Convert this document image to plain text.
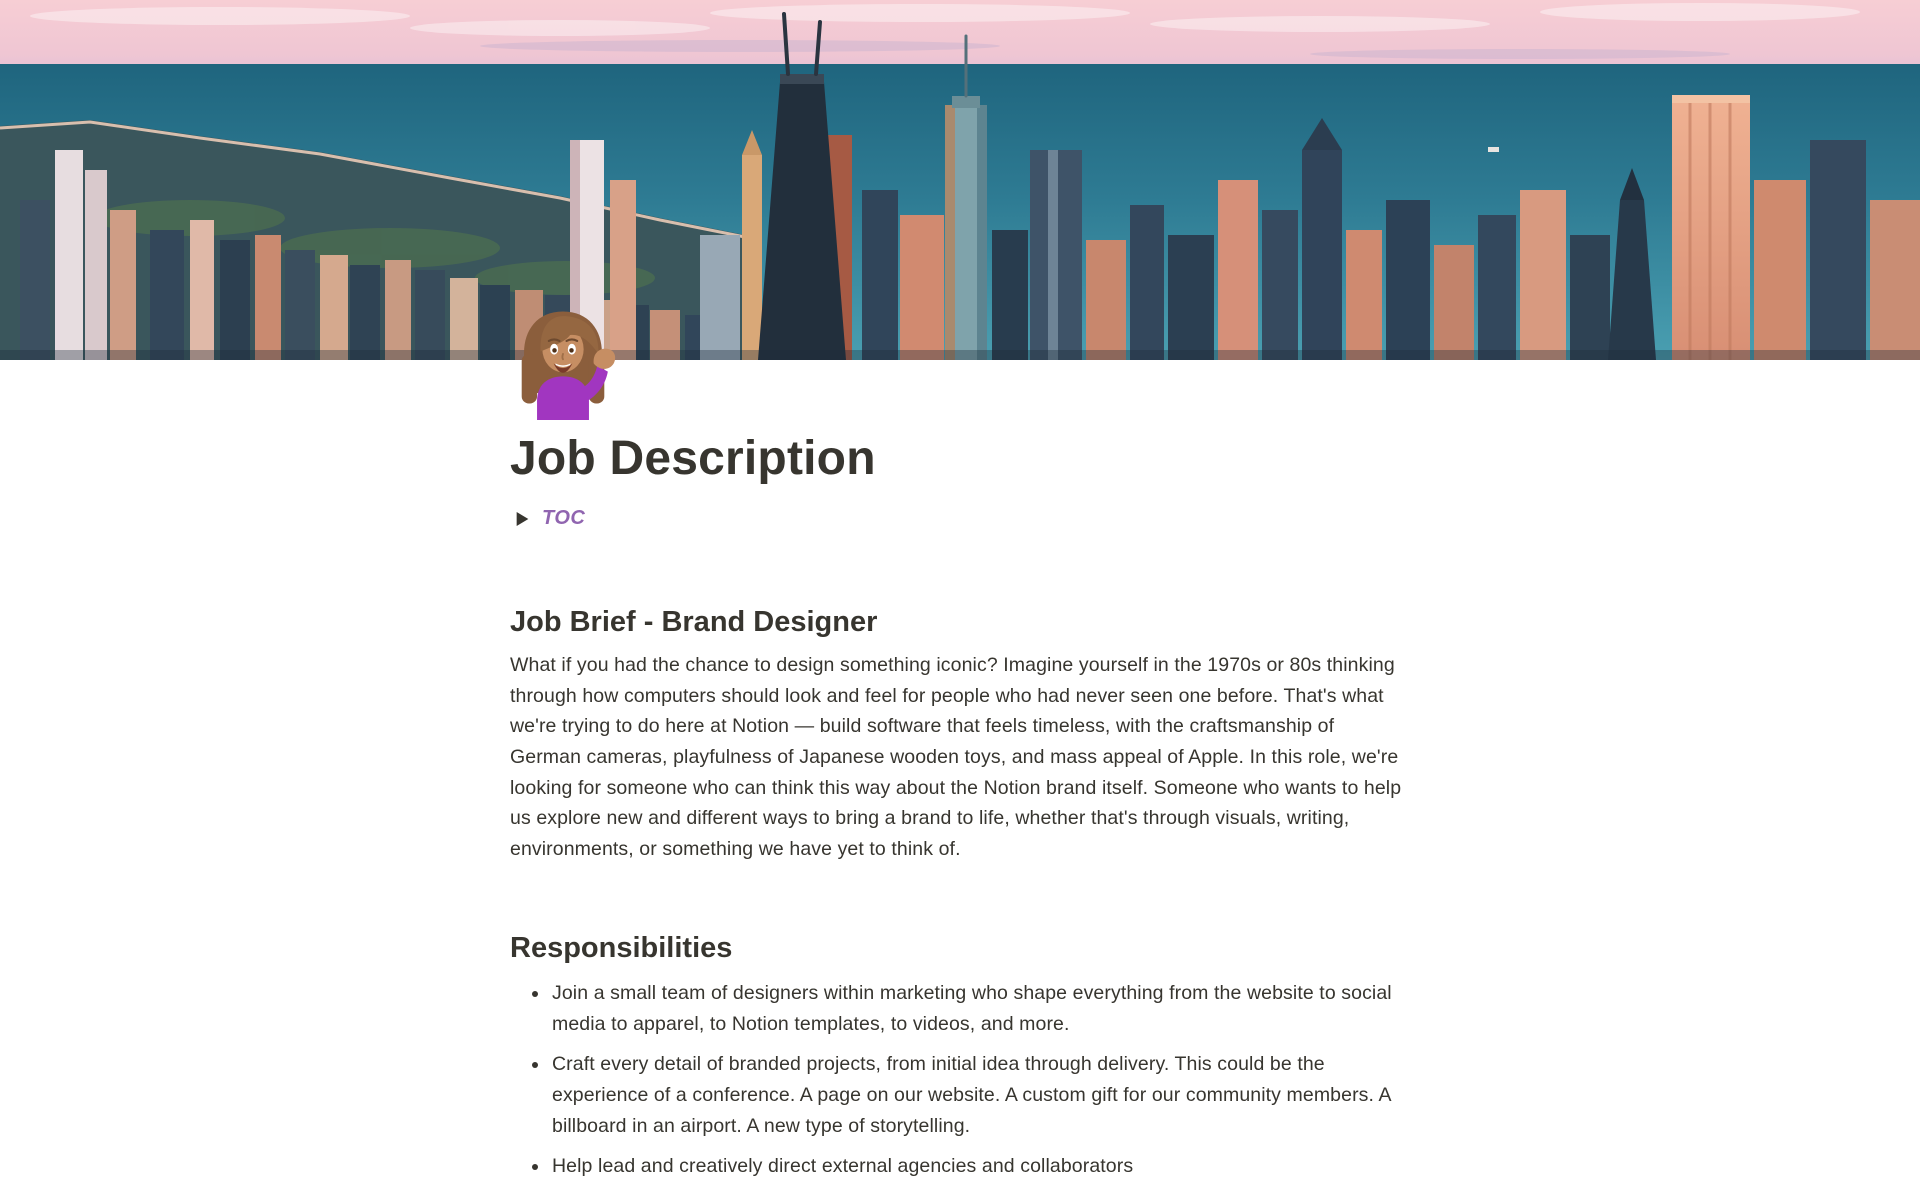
Job Description
TOC
Job Brief - Brand Designer

What if you had the chance to design something iconic? Imagine yourself in the 1970s or 80s thinking through how computers should look and feel for people who had never seen one before. That's what we're trying to do here at Notion — build software that feels timeless, with the craftsmanship of German cameras, playfulness of Japanese wooden toys, and mass appeal of Apple. In this role, we're looking for someone who can think this way about the Notion brand itself. Someone who wants to help us explore new and different ways to bring a brand to life, whether that's through visuals, writing, environments, or something we have yet to think of.

Responsibilities
• Join a small team of designers within marketing who shape everything from the website to social media to apparel, to Notion templates, to videos, and more.
• Craft every detail of branded projects, from initial idea through delivery. This could be the experience of a conference. A page on our website. A custom gift for our community members. A billboard in an airport. A new type of storytelling.
• Help lead and creatively direct external agencies and collaborators
